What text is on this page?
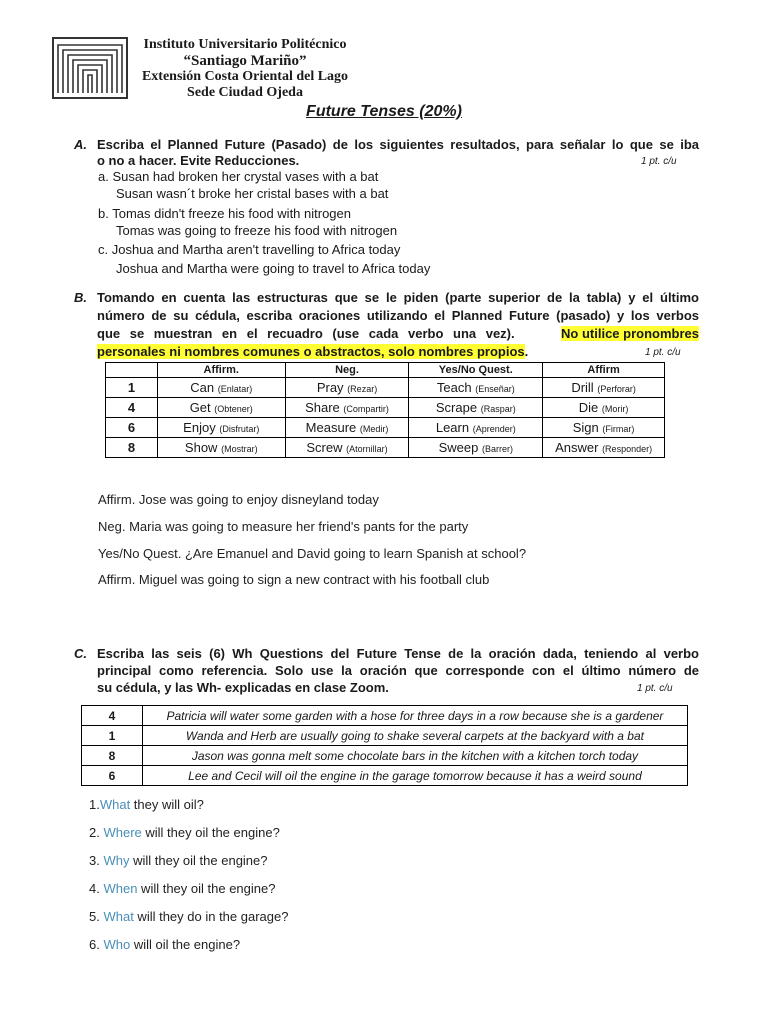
Instituto Universitario Politécnico
“Santiago Mariño”
Extensión Costa Oriental del Lago
Sede Ciudad Ojeda
Future Tenses (20%)
A. Escriba el Planned Future (Pasado) de los siguientes resultados, para señalar lo que se iba
o no a hacer. Evite Reducciones.	1 pt. c/u
a. Susan had broken her crystal vases with a bat
Susan wasn´t broke her cristal bases with a bat
b. Tomas didn't freeze his food with nitrogen
Tomas was going to freeze his food with nitrogen
c. Joshua and Martha aren't travelling to Africa today
Joshua and Martha were going to travel to Africa today
B. Tomando en cuenta las estructuras que se le piden (parte superior de la tabla) y el último
número de su cédula, escriba oraciones utilizando el Planned Future (pasado) y los verbos
que se muestran en el recuadro (use cada verbo una vez).	No utilice pronombres
personales ni nombres comunes o abstractos, solo nombres propios.	1 pt. c/u
	Affirm.	Neg.	Yes/No Quest.	Affirm
1	Can (Enlatar)	Pray (Rezar)	Teach (Enseñar)	Drill (Perforar)
4	Get (Obtener)	Share (Compartir)	Scrape (Raspar)	Die (Morir)
6	Enjoy (Disfrutar)	Measure (Medir)	Learn (Aprender)	Sign (Firmar)
8	Show (Mostrar)	Screw (Atornillar)	Sweep (Barrer)	Answer (Responder)
Affirm. Jose was going to enjoy disneyland today
Neg. Maria was going to measure her friend's pants for the party
Yes/No Quest. ¿Are Emanuel and David going to learn Spanish at school?
Affirm. Miguel was going to sign a new contract with his football club
C. Escriba las seis (6) Wh Questions del Future Tense de la oración dada, teniendo al verbo
principal como referencia. Solo use la oración que corresponde con el último número de
su cédula, y las Wh- explicadas en clase Zoom.	1 pt. c/u
4	Patricia will water some garden with a hose for three days in a row because she is a gardener
1	Wanda and Herb are usually going to shake several carpets at the backyard with a bat
8	Jason was gonna melt some chocolate bars in the kitchen with a kitchen torch today
6	Lee and Cecil will oil the engine in the garage tomorrow because it has a weird sound
1.What they will oil?
2. Where will they oil the engine?
3. Why will they oil the engine?
4. When will they oil the engine?
5. What will they do in the garage?
6. Who will oil the engine?
